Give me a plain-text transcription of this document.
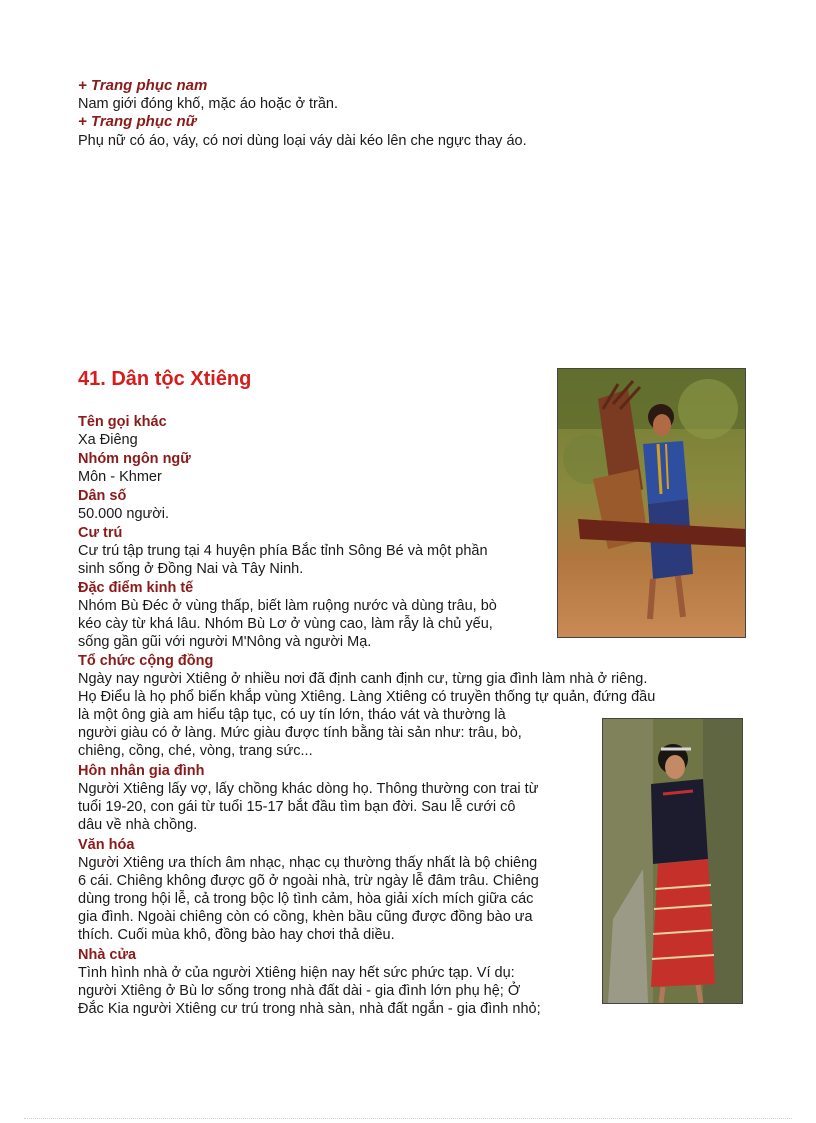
+ Trang phục nam
Nam giới đóng khố, mặc áo hoặc ở trần.
+ Trang phục nữ
Phụ nữ có áo, váy, có nơi dùng loại váy dài kéo lên che ngực thay áo.
41. Dân tộc Xtiêng
Tên gọi khác
Xa Điêng
Nhóm ngôn ngữ
Môn - Khmer
Dân số
50.000 người.
Cư trú
Cư trú tập trung tại 4 huyện phía Bắc tỉnh Sông Bé và một phần
sinh sống ở Đồng Nai và Tây Ninh.
Đặc điểm kinh tế
Nhóm Bù Đéc ở vùng thấp, biết làm ruộng nước và dùng trâu, bò
kéo cày từ khá lâu. Nhóm Bù Lơ ở vùng cao, làm rẫy là chủ yếu,
sống gần gũi với người M'Nông và người Mạ.
Tổ chức cộng đồng
Ngày nay người Xtiêng ở nhiều nơi đã định canh định cư, từng gia đình làm nhà ở riêng.
Họ Điểu là họ phổ biến khắp vùng Xtiêng. Làng Xtiêng có truyền thống tự quản, đứng đầu
là một ông già am hiểu tập tục, có uy tín lớn, tháo vát và thường là
người giàu có ở làng. Mức giàu được tính bằng tài sản như: trâu, bò,
chiêng, cồng, ché, vòng, trang sức...
Hôn nhân gia đình
Người Xtiêng lấy vợ, lấy chồng khác dòng họ. Thông thường con trai từ
tuổi 19-20, con gái từ tuổi 15-17 bắt đầu tìm bạn đời. Sau lễ cưới cô
dâu về nhà chồng.
Văn hóa
Người Xtiêng ưa thích âm nhạc, nhạc cụ thường thấy nhất là bộ chiêng
6 cái. Chiêng không được gõ ở ngoài nhà, trừ ngày lễ đâm trâu. Chiêng
dùng trong hội lễ, cả trong bộc lộ tình cảm, hòa giải xích mích giữa các
gia đình. Ngoài chiêng còn có cồng, khèn bầu cũng được đồng bào ưa
thích. Cuối mùa khô, đồng bào hay chơi thả diều.
Nhà cửa
Tình hình nhà ở của người Xtiêng hiện nay hết sức phức tạp. Ví dụ:
người Xtiêng ở Bù lơ sống trong nhà đất dài - gia đình lớn phụ hệ; Ở
Đắc Kia người Xtiêng cư trú trong nhà sàn, nhà đất ngắn - gia đình nhỏ;
